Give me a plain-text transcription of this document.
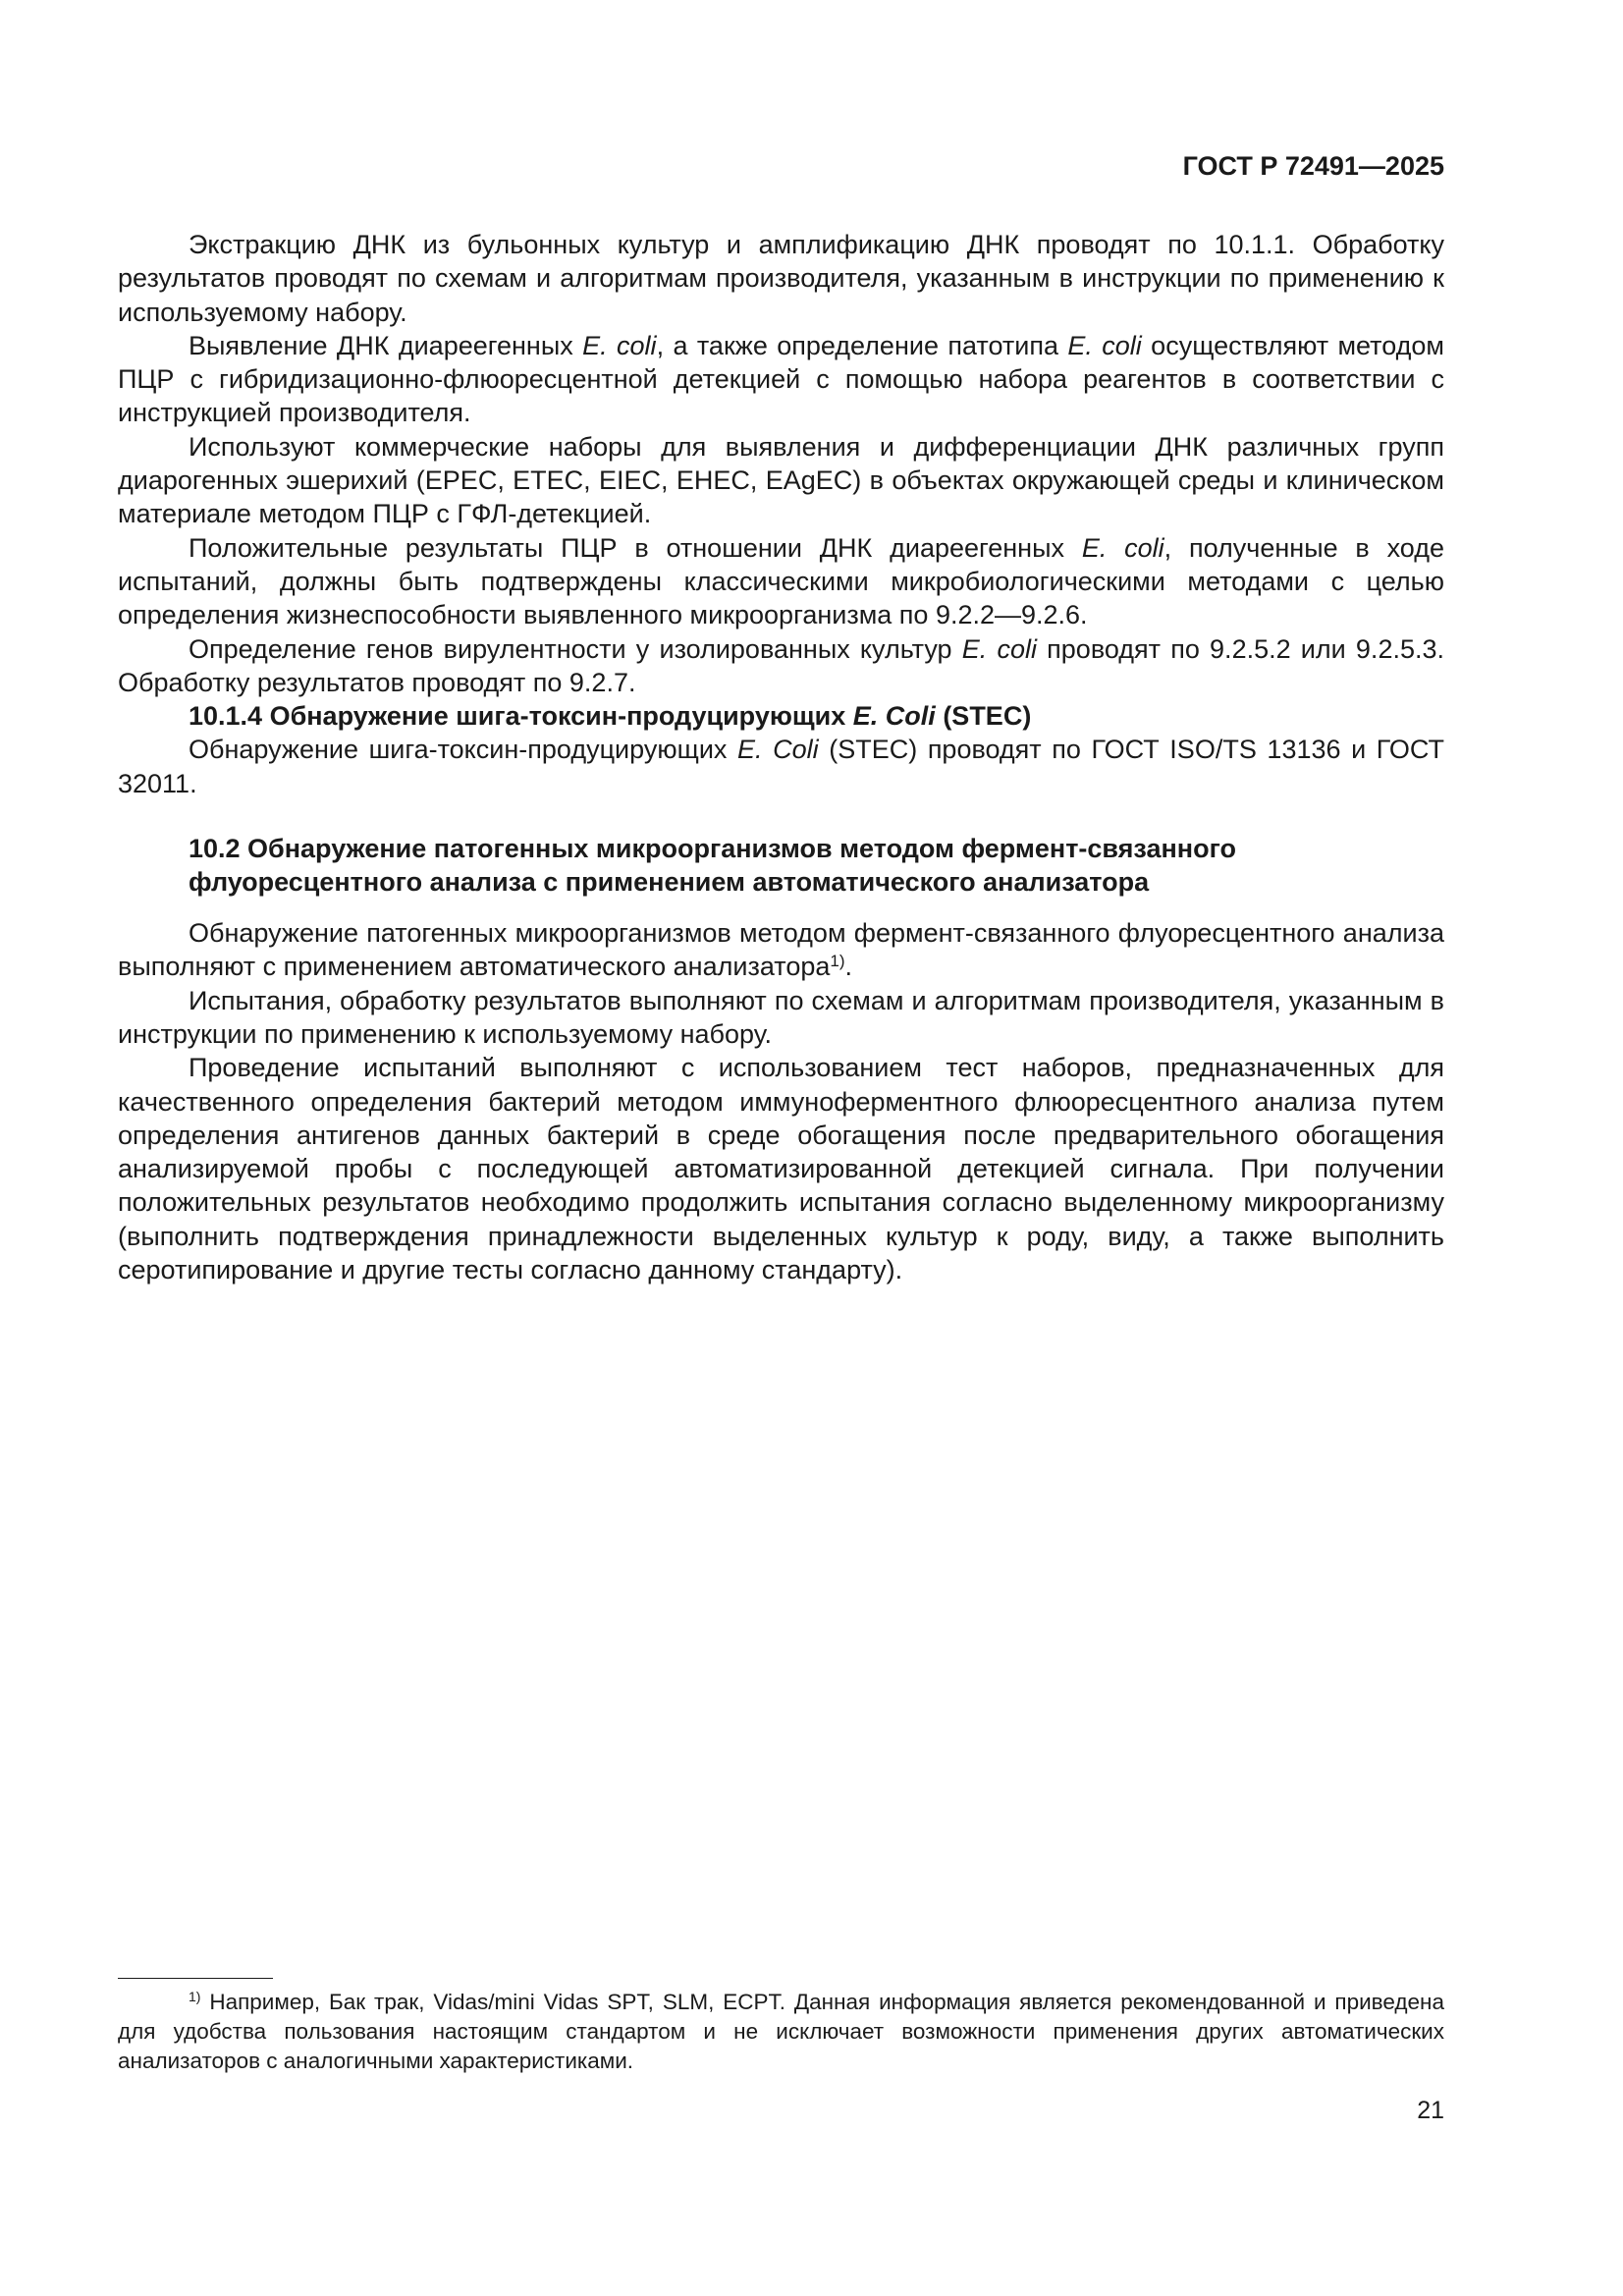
ГОСТ Р 72491—2025

Экстракцию ДНК из бульонных культур и амплификацию ДНК проводят по 10.1.1. Обработку результатов проводят по схемам и алгоритмам производителя, указанным в инструкции по применению к используемому набору.

Выявление ДНК диареегенных E. coli, а также определение патотипа E. coli осуществляют методом ПЦР с гибридизационно-флюоресцентной детекцией с помощью набора реагентов в соответствии с инструкцией производителя.

Используют коммерческие наборы для выявления и дифференциации ДНК различных групп диарогенных эшерихий (EPEC, ETEC, EIEC, EHEC, EAgEC) в объектах окружающей среды и клиническом материале методом ПЦР с ГФЛ-детекцией.

Положительные результаты ПЦР в отношении ДНК диареегенных E. coli, полученные в ходе испытаний, должны быть подтверждены классическими микробиологическими методами с целью определения жизнеспособности выявленного микроорганизма по 9.2.2—9.2.6.

Определение генов вирулентности у изолированных культур E. coli проводят по 9.2.5.2 или 9.2.5.3. Обработку результатов проводят по 9.2.7.

10.1.4 Обнаружение шига-токсин-продуцирующих E. Coli (STEC)

Обнаружение шига-токсин-продуцирующих E. Coli (STEC) проводят по ГОСТ ISO/TS 13136 и ГОСТ 32011.

10.2 Обнаружение патогенных микроорганизмов методом фермент-связанного флуоресцентного анализа с применением автоматического анализатора

Обнаружение патогенных микроорганизмов методом фермент-связанного флуоресцентного анализа выполняют с применением автоматического анализатора$^{1)}$.

Испытания, обработку результатов выполняют по схемам и алгоритмам производителя, указанным в инструкции по применению к используемому набору.

Проведение испытаний выполняют с использованием тест наборов, предназначенных для качественного определения бактерий методом иммуноферментного флюоресцентного анализа путем определения антигенов данных бактерий в среде обогащения после предварительного обогащения анализируемой пробы с последующей автоматизированной детекцией сигнала. При получении положительных результатов необходимо продолжить испытания согласно выделенному микроорганизму (выполнить подтверждения принадлежности выделенных культур к роду, виду, а также выполнить серотипирование и другие тесты согласно данному стандарту).

$^{1)}$ Например, Бак трак, Vidas/mini Vidas SPT, SLM, ECPT. Данная информация является рекомендованной и приведена для удобства пользования настоящим стандартом и не исключает возможности применения других автоматических анализаторов с аналогичными характеристиками.
21
